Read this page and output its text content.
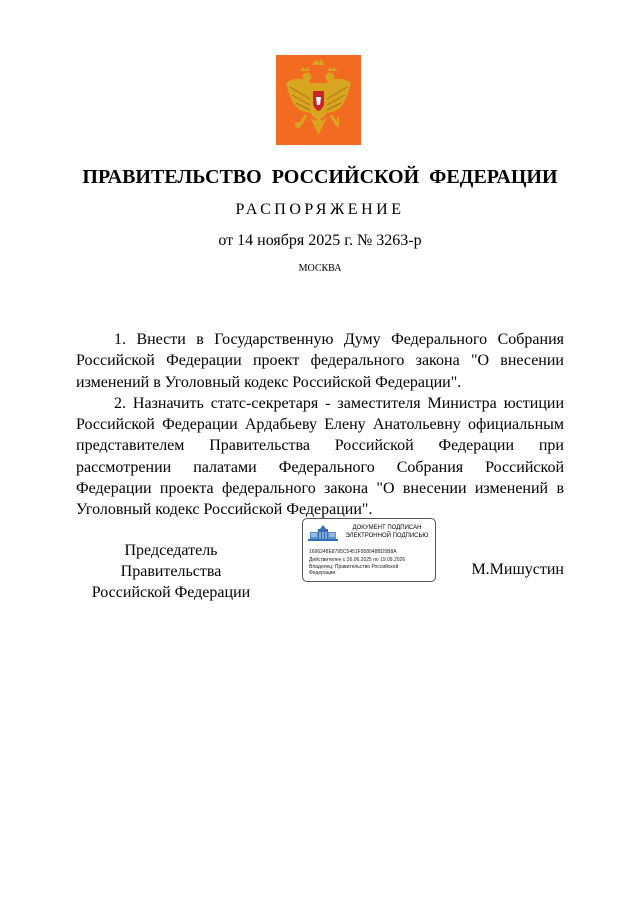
ПРАВИТЕЛЬСТВО РОССИЙСКОЙ ФЕДЕРАЦИИ
РАСПОРЯЖЕНИЕ
от 14 ноября 2025 г. № 3263-р
МОСКВА

1. Внести в Государственную Думу Федерального Собрания Российской Федерации проект федерального закона "О внесении изменений в Уголовный кодекс Российской Федерации".

2. Назначить статс-секретаря - заместителя Министра юстиции Российской Федерации Ардабьеву Елену Анатольевну официальным представителем Правительства Российской Федерации при рассмотрении палатами Федерального Собрания Российской Федерации проекта федерального закона "О внесении изменений в Уголовный кодекс Российской Федерации".

Председатель Правительства
Российской Федерации
ДОКУМЕНТ ПОДПИСАН
ЭЛЕКТРОННОЙ ПОДПИСЬЮ
1696248E8795C5451F958048BD5B8A
Действителен с 26.06.2025 по 19.09.2026
Владелец: Правительство Российской
Федерации	М.Мишустин
